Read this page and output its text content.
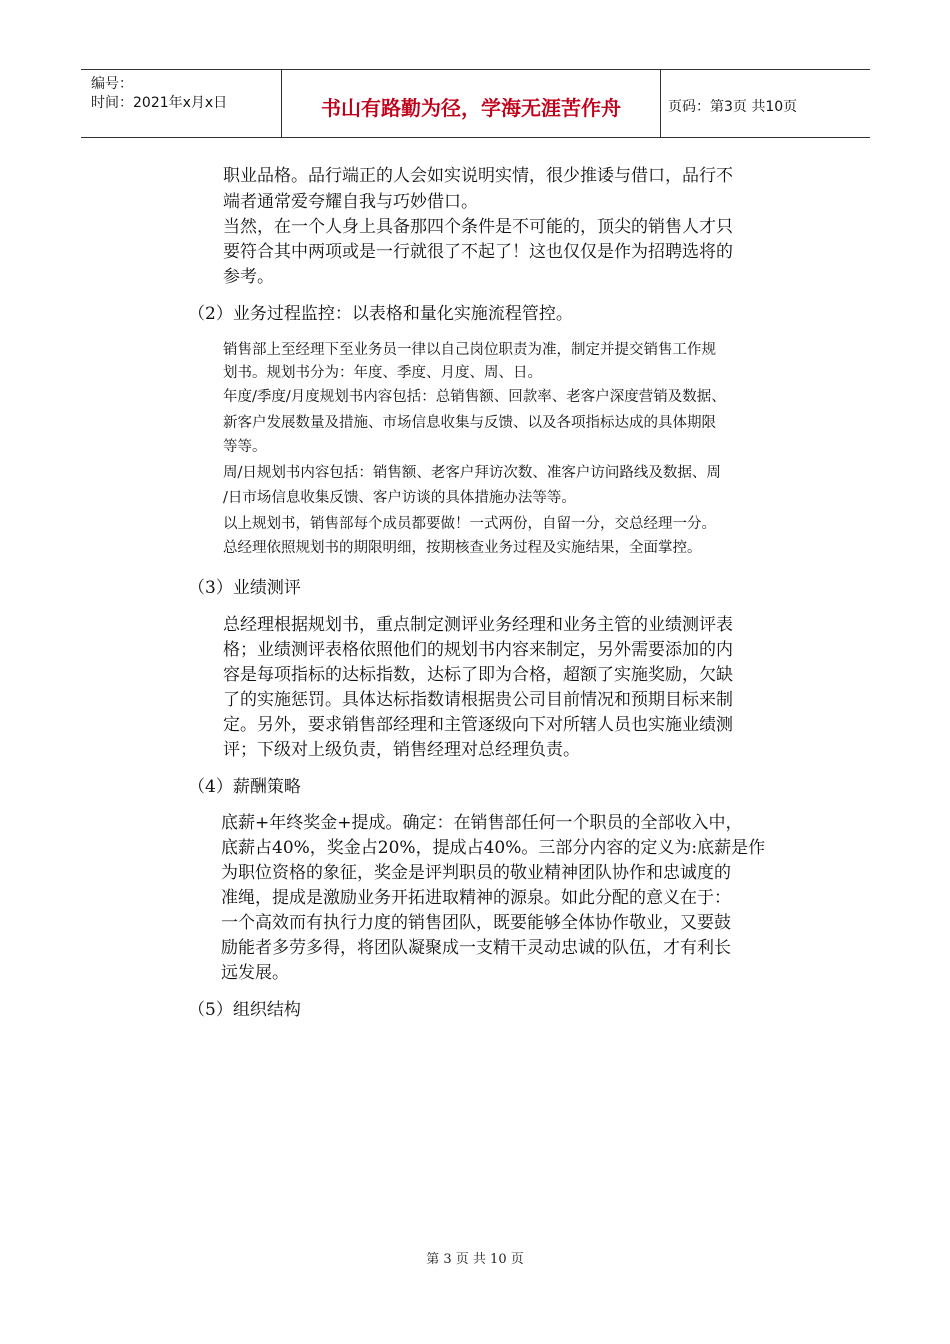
编号：
时间：2021年x月x日	书山有路勤为径，学海无涯苦作舟	页码：第3页 共10页
职业品格。品行端正的人会如实说明实情，很少推诿与借口，品行不
端者通常爱夸耀自我与巧妙借口。
当然，在一个人身上具备那四个条件是不可能的，顶尖的销售人才只
要符合其中两项或是一行就很了不起了！这也仅仅是作为招聘选将的
参考。
（2）业务过程监控：以表格和量化实施流程管控。
销售部上至经理下至业务员一律以自己岗位职责为准，制定并提交销售工作规
划书。规划书分为：年度、季度、月度、周、日。
年度/季度/月度规划书内容包括：总销售额、回款率、老客户深度营销及数据、
新客户发展数量及措施、市场信息收集与反馈、以及各项指标达成的具体期限
等等。
周/日规划书内容包括：销售额、老客户拜访次数、准客户访问路线及数据、周
/日市场信息收集反馈、客户访谈的具体措施办法等等。
以上规划书，销售部每个成员都要做！一式两份，自留一分，交总经理一分。
总经理依照规划书的期限明细，按期核查业务过程及实施结果，全面掌控。
（3）业绩测评
总经理根据规划书，重点制定测评业务经理和业务主管的业绩测评表
格；业绩测评表格依照他们的规划书内容来制定，另外需要添加的内
容是每项指标的达标指数，达标了即为合格，超额了实施奖励，欠缺
了的实施惩罚。具体达标指数请根据贵公司目前情况和预期目标来制
定。另外，要求销售部经理和主管逐级向下对所辖人员也实施业绩测
评；下级对上级负责，销售经理对总经理负责。
（4）薪酬策略
底薪+年终奖金+提成。确定：在销售部任何一个职员的全部收入中，
底薪占40%，奖金占20%，提成占40%。三部分内容的定义为:底薪是作
为职位资格的象征，奖金是评判职员的敬业精神团队协作和忠诚度的
准绳，提成是激励业务开拓进取精神的源泉。如此分配的意义在于：
一个高效而有执行力度的销售团队，既要能够全体协作敬业，又要鼓
励能者多劳多得，将团队凝聚成一支精干灵动忠诚的队伍，才有利长
远发展。
（5）组织结构
第 3 页 共 10 页
